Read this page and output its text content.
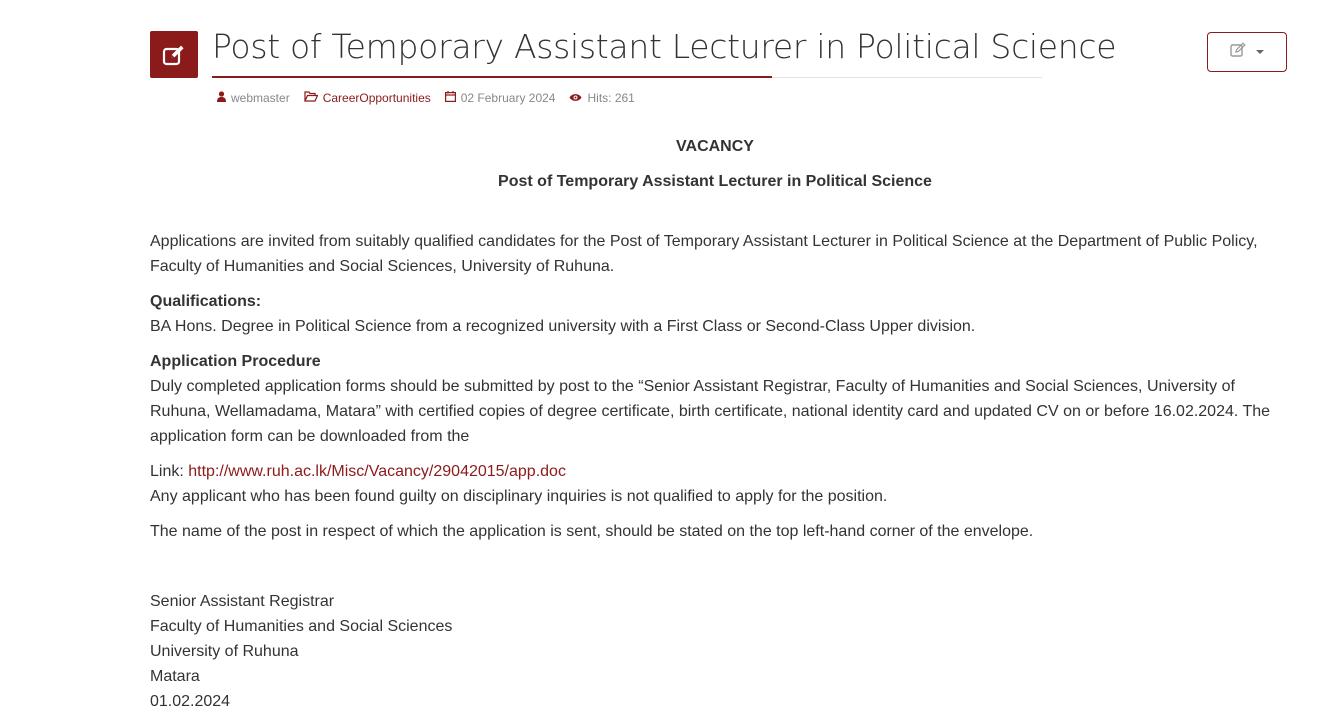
Post of Temporary Assistant Lecturer in Political Science
webmaster	CareerOpportunities	02 February 2024	Hits: 261
VACANCY
Post of Temporary Assistant Lecturer in Political Science

Applications are invited from suitably qualified candidates for the Post of Temporary Assistant Lecturer in Political Science at the Department of Public Policy, Faculty of Humanities and Social Sciences, University of Ruhuna.

Qualifications:
BA Hons. Degree in Political Science from a recognized university with a First Class or Second-Class Upper division.

Application Procedure
Duly completed application forms should be submitted by post to the “Senior Assistant Registrar, Faculty of Humanities and Social Sciences, University of Ruhuna, Wellamadama, Matara” with certified copies of degree certificate, birth certificate, national identity card and updated CV on or before 16.02.2024. The application form can be downloaded from the

Link: http://www.ruh.ac.lk/Misc/Vacancy/29042015/app.doc
Any applicant who has been found guilty on disciplinary inquiries is not qualified to apply for the position.

The name of the post in respect of which the application is sent, should be stated on the top left-hand corner of the envelope.

Senior Assistant Registrar
Faculty of Humanities and Social Sciences
University of Ruhuna
Matara
01.02.2024
